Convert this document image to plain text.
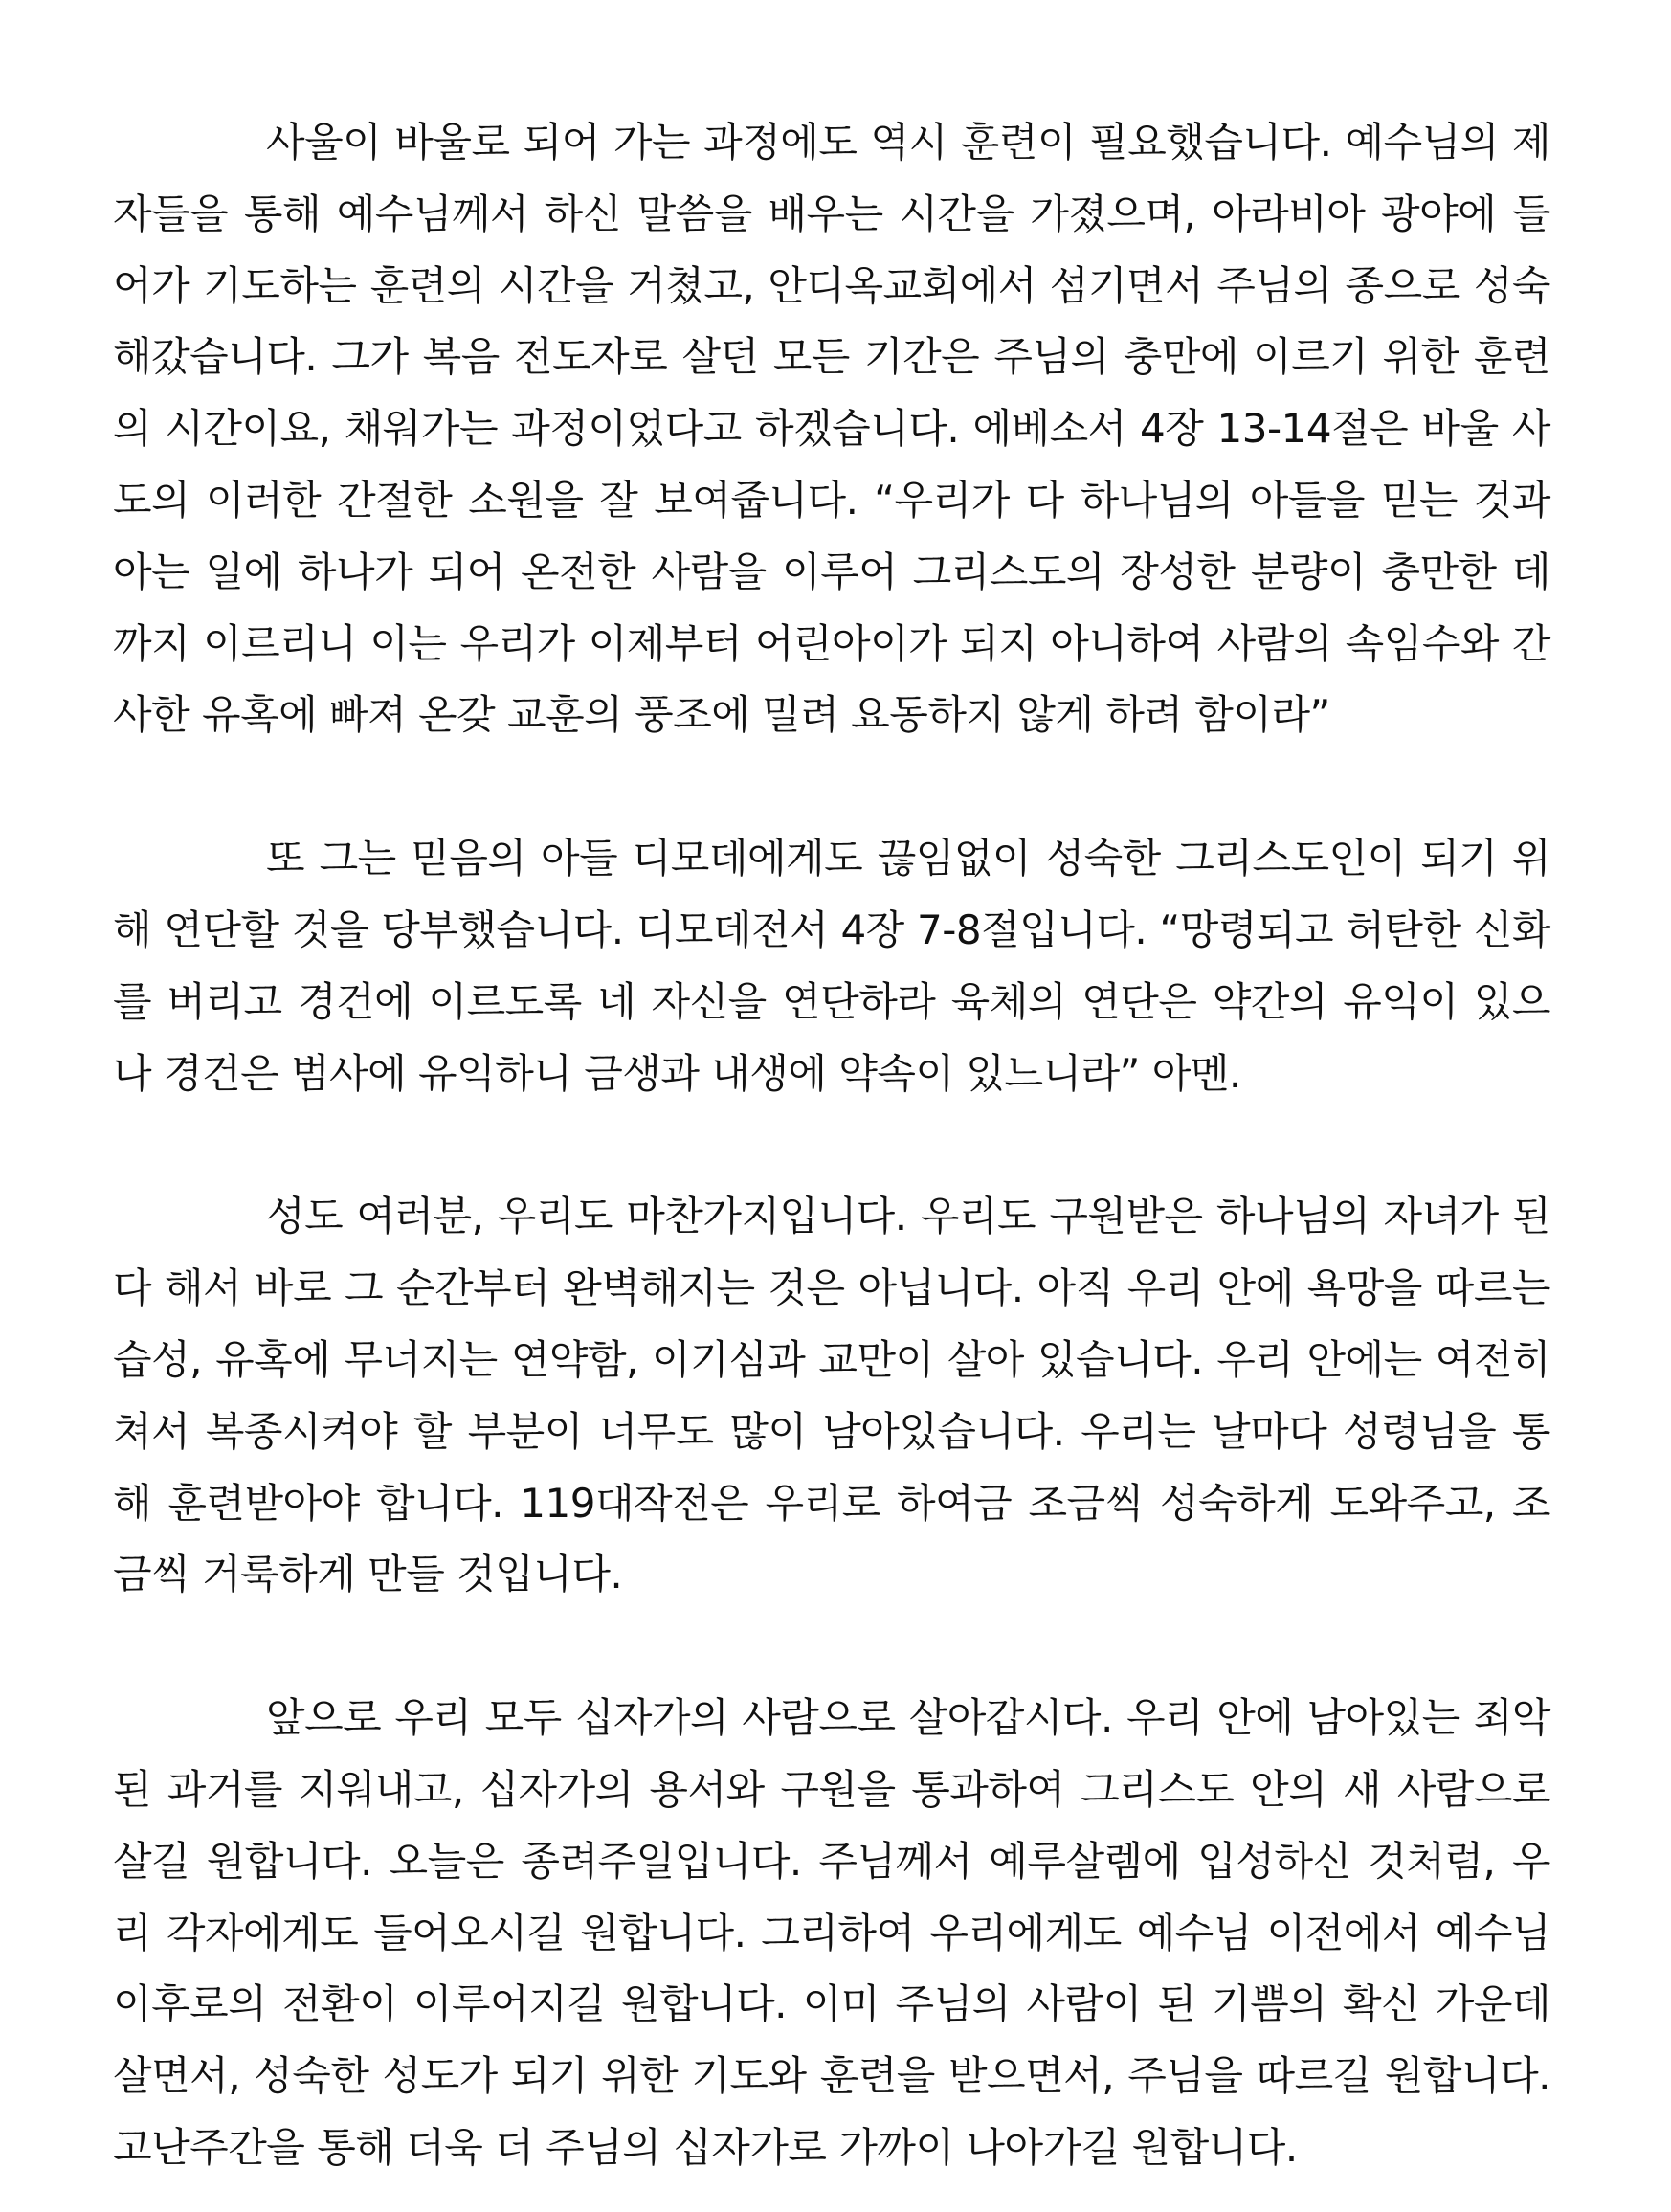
사울이 바울로 되어 가는 과정에도 역시 훈련이 필요했습니다. 예수님의 제자들을 통해 예수님께서 하신 말씀을 배우는 시간을 가졌으며, 아라비아 광야에 들어가 기도하는 훈련의 시간을 거쳤고, 안디옥교회에서 섬기면서 주님의 종으로 성숙해갔습니다. 그가 복음 전도자로 살던 모든 기간은 주님의 충만에 이르기 위한 훈련의 시간이요, 채워가는 과정이었다고 하겠습니다. 에베소서 4장 13-14절은 바울 사도의 이러한 간절한 소원을 잘 보여줍니다. “우리가 다 하나님의 아들을 믿는 것과 아는 일에 하나가 되어 온전한 사람을 이루어 그리스도의 장성한 분량이 충만한 데까지 이르리니 이는 우리가 이제부터 어린아이가 되지 아니하여 사람의 속임수와 간사한 유혹에 빠져 온갖 교훈의 풍조에 밀려 요동하지 않게 하려 함이라”

또 그는 믿음의 아들 디모데에게도 끊임없이 성숙한 그리스도인이 되기 위해 연단할 것을 당부했습니다. 디모데전서 4장 7-8절입니다. “망령되고 허탄한 신화를 버리고 경건에 이르도록 네 자신을 연단하라 육체의 연단은 약간의 유익이 있으나 경건은 범사에 유익하니 금생과 내생에 약속이 있느니라” 아멘.

성도 여러분, 우리도 마찬가지입니다. 우리도 구원받은 하나님의 자녀가 된다 해서 바로 그 순간부터 완벽해지는 것은 아닙니다. 아직 우리 안에 욕망을 따르는 습성, 유혹에 무너지는 연약함, 이기심과 교만이 살아 있습니다. 우리 안에는 여전히 쳐서 복종시켜야 할 부분이 너무도 많이 남아있습니다. 우리는 날마다 성령님을 통해 훈련받아야 합니다. 119대작전은 우리로 하여금 조금씩 성숙하게 도와주고, 조금씩 거룩하게 만들 것입니다.

앞으로 우리 모두 십자가의 사람으로 살아갑시다. 우리 안에 남아있는 죄악된 과거를 지워내고, 십자가의 용서와 구원을 통과하여 그리스도 안의 새 사람으로 살길 원합니다. 오늘은 종려주일입니다. 주님께서 예루살렘에 입성하신 것처럼, 우리 각자에게도 들어오시길 원합니다. 그리하여 우리에게도 예수님 이전에서 예수님 이후로의 전환이 이루어지길 원합니다. 이미 주님의 사람이 된 기쁨의 확신 가운데 살면서, 성숙한 성도가 되기 위한 기도와 훈련을 받으면서, 주님을 따르길 원합니다. 고난주간을 통해 더욱 더 주님의 십자가로 가까이 나아가길 원합니다.
